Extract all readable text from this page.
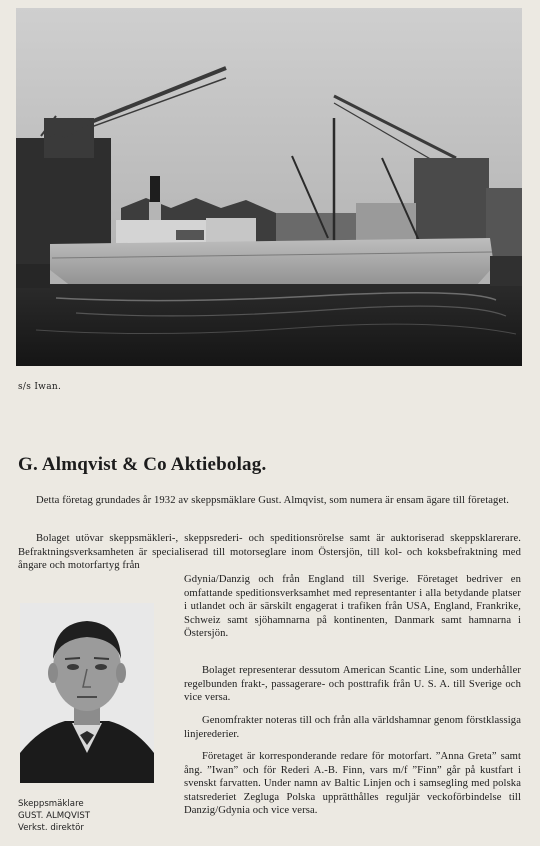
s/s Iwan.
G. Almqvist & Co Aktiebolag.
Detta företag grundades år 1932 av skeppsmäklare Gust. Almqvist, som numera är ensam ägare till företaget.
Bolaget utövar skeppsmäkleri-, skeppsrederi- och speditionsrörelse samt är auktoriserad skeppsklarerare. Befraktningsverksamheten är specialiserad till motorseglare inom Östersjön, till kol- och koksbefraktning med ångare och motorfartyg från
Gdynia/Danzig och från England till Sverige. Företaget bedriver en omfattande speditionsverksamhet med representanter i alla betydande platser i utlandet och är särskilt engagerat i trafiken från USA, England, Frankrike, Schweiz samt sjöhamnarna på kontinenten, Danmark samt hamnarna i Östersjön.
Bolaget representerar dessutom American Scantic Line, som underhåller regelbunden frakt-, passagerare- och posttrafik från U. S. A. till Sverige och vice versa.
Genomfrakter noteras till och från alla världshamnar genom förstklassiga linjerederier.
Företaget är korresponderande redare för motorfart. ”Anna Greta” samt ång. ”Iwan” och för Rederi A.-B. Finn, vars m/f ”Finn” går på kustfart i svenskt farvatten. Under namn av Baltic Linjen och i samsegling med polska statsrederiet Zegluga Polska upprätthålles reguljär veckoförbindelse till Danzig/Gdynia och vice versa.
Skeppsmäklare
GUST. ALMQVIST
Verkst. direktör
